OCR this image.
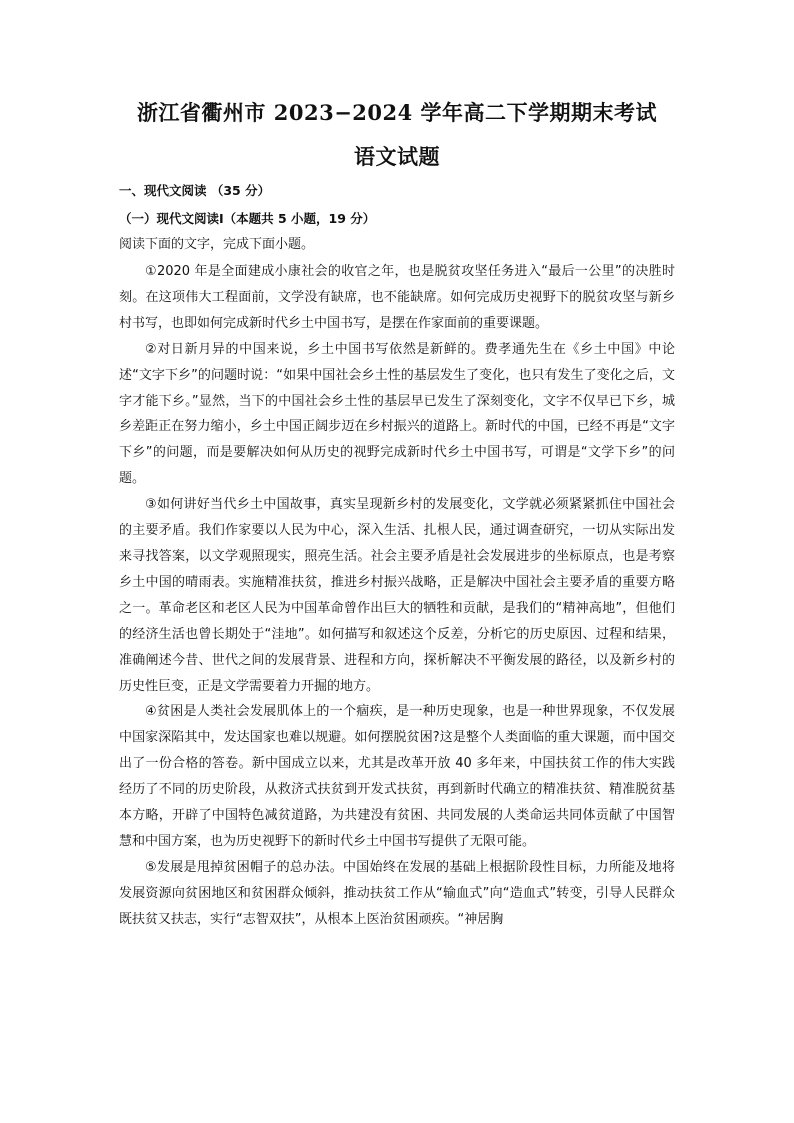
浙江省衢州市 2023−2024 学年高二下学期期末考试
语文试题
一、现代文阅读 （35 分）
（一）现代文阅读Ⅰ（本题共 5 小题，19 分）
阅读下面的文字，完成下面小题。

①2020 年是全面建成小康社会的收官之年，也是脱贫攻坚任务进入“最后一公里”的决胜时刻。在这项伟大工程面前，文学没有缺席，也不能缺席。如何完成历史视野下的脱贫攻坚与新乡村书写，也即如何完成新时代乡土中国书写，是摆在作家面前的重要课题。

②对日新月异的中国来说，乡土中国书写依然是新鲜的。费孝通先生在《乡土中国》中论述“文字下乡”的问题时说：“如果中国社会乡土性的基层发生了变化，也只有发生了变化之后，文字才能下乡。”显然，当下的中国社会乡土性的基层早已发生了深刻变化，文字不仅早已下乡，城乡差距正在努力缩小，乡土中国正阔步迈在乡村振兴的道路上。新时代的中国，已经不再是“文字下乡”的问题，而是要解决如何从历史的视野完成新时代乡土中国书写，可谓是“文学下乡”的问题。

③如何讲好当代乡土中国故事，真实呈现新乡村的发展变化，文学就必须紧紧抓住中国社会的主要矛盾。我们作家要以人民为中心，深入生活、扎根人民，通过调查研究，一切从实际出发来寻找答案，以文学观照现实，照亮生活。社会主要矛盾是社会发展进步的坐标原点，也是考察乡土中国的晴雨表。实施精准扶贫，推进乡村振兴战略，正是解决中国社会主要矛盾的重要方略之一。革命老区和老区人民为中国革命曾作出巨大的牺牲和贡献，是我们的“精神高地”，但他们的经济生活也曾长期处于“洼地”。如何描写和叙述这个反差，分析它的历史原因、过程和结果，准确阐述今昔、世代之间的发展背景、进程和方向，探析解决不平衡发展的路径，以及新乡村的历史性巨变，正是文学需要着力开掘的地方。

④贫困是人类社会发展肌体上的一个痼疾，是一种历史现象，也是一种世界现象，不仅发展中国家深陷其中，发达国家也难以规避。如何摆脱贫困?这是整个人类面临的重大课题，而中国交出了一份合格的答卷。新中国成立以来，尤其是改革开放 40 多年来，中国扶贫工作的伟大实践经历了不同的历史阶段，从救济式扶贫到开发式扶贫，再到新时代确立的精准扶贫、精准脱贫基本方略，开辟了中国特色减贫道路，为共建没有贫困、共同发展的人类命运共同体贡献了中国智慧和中国方案，也为历史视野下的新时代乡土中国书写提供了无限可能。

⑤发展是甩掉贫困帽子的总办法。中国始终在发展的基础上根据阶段性目标，力所能及地将发展资源向贫困地区和贫困群众倾斜，推动扶贫工作从“输血式”向“造血式”转变，引导人民群众既扶贫又扶志，实行“志智双扶”，从根本上医治贫困顽疾。“神居胸
